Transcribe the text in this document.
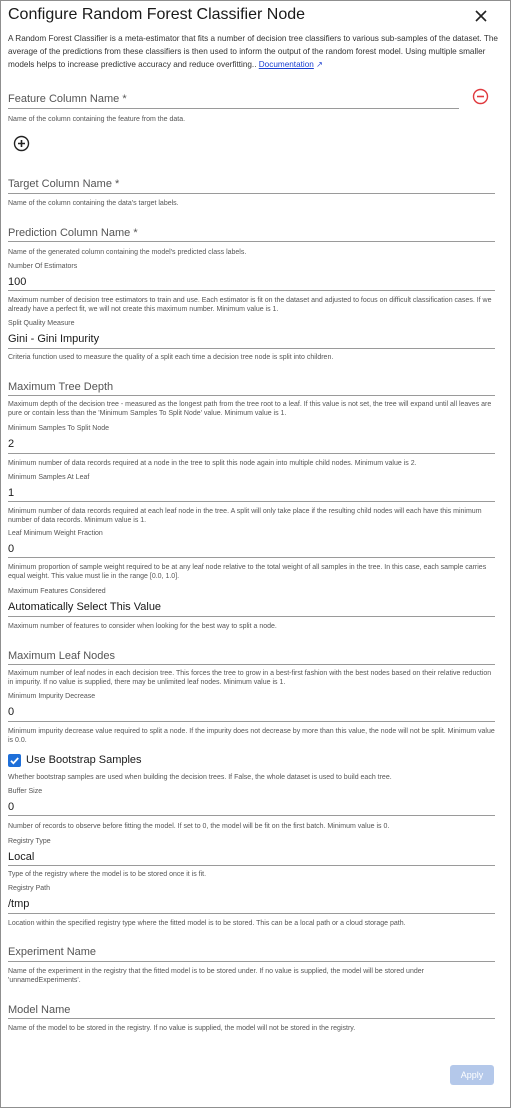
Configure Random Forest Classifier Node
A Random Forest Classifier is a meta-estimator that fits a number of decision tree classifiers to various sub-samples of the dataset. The average of the predictions from these classifiers is then used to inform the output of the random forest model. Using multiple smaller models helps to increase predictive accuracy and reduce overfitting.. Documentation ↗
Feature Column Name *
Name of the column containing the feature from the data.
Target Column Name *
Name of the column containing the data's target labels.
Prediction Column Name *
Name of the generated column containing the model's predicted class labels.
Number Of Estimators
100
Maximum number of decision tree estimators to train and use. Each estimator is fit on the dataset and adjusted to focus on difficult classification cases. If we already have a perfect fit, we will not create this maximum number. Minimum value is 1.
Split Quality Measure
Gini - Gini Impurity
Criteria function used to measure the quality of a split each time a decision tree node is split into children.
Maximum Tree Depth
Maximum depth of the decision tree - measured as the longest path from the tree root to a leaf. If this value is not set, the tree will expand until all leaves are pure or contain less than the 'Minimum Samples To Split Node' value. Minimum value is 1.
Minimum Samples To Split Node
2
Minimum number of data records required at a node in the tree to split this node again into multiple child nodes. Minimum value is 2.
Minimum Samples At Leaf
1
Minimum number of data records required at each leaf node in the tree. A split will only take place if the resulting child nodes will each have this minimum number of data records. Minimum value is 1.
Leaf Minimum Weight Fraction
0
Minimum proportion of sample weight required to be at any leaf node relative to the total weight of all samples in the tree. In this case, each sample carries equal weight. This value must lie in the range [0.0, 1.0].
Maximum Features Considered
Automatically Select This Value
Maximum number of features to consider when looking for the best way to split a node.
Maximum Leaf Nodes
Maximum number of leaf nodes in each decision tree. This forces the tree to grow in a best-first fashion with the best nodes based on their relative reduction in impurity. If no value is supplied, there may be unlimited leaf nodes. Minimum value is 1.
Minimum Impurity Decrease
0
Minimum impurity decrease value required to split a node. If the impurity does not decrease by more than this value, the node will not be split. Minimum value is 0.0.
Use Bootstrap Samples
Whether bootstrap samples are used when building the decision trees. If False, the whole dataset is used to build each tree.
Buffer Size
0
Number of records to observe before fitting the model. If set to 0, the model will be fit on the first batch. Minimum value is 0.
Registry Type
Local
Type of the registry where the model is to be stored once it is fit.
Registry Path
/tmp
Location within the specified registry type where the fitted model is to be stored. This can be a local path or a cloud storage path.
Experiment Name
Name of the experiment in the registry that the fitted model is to be stored under. If no value is supplied, the model will be stored under 'unnamedExperiments'.
Model Name
Name of the model to be stored in the registry. If no value is supplied, the model will not be stored in the registry.
Apply
